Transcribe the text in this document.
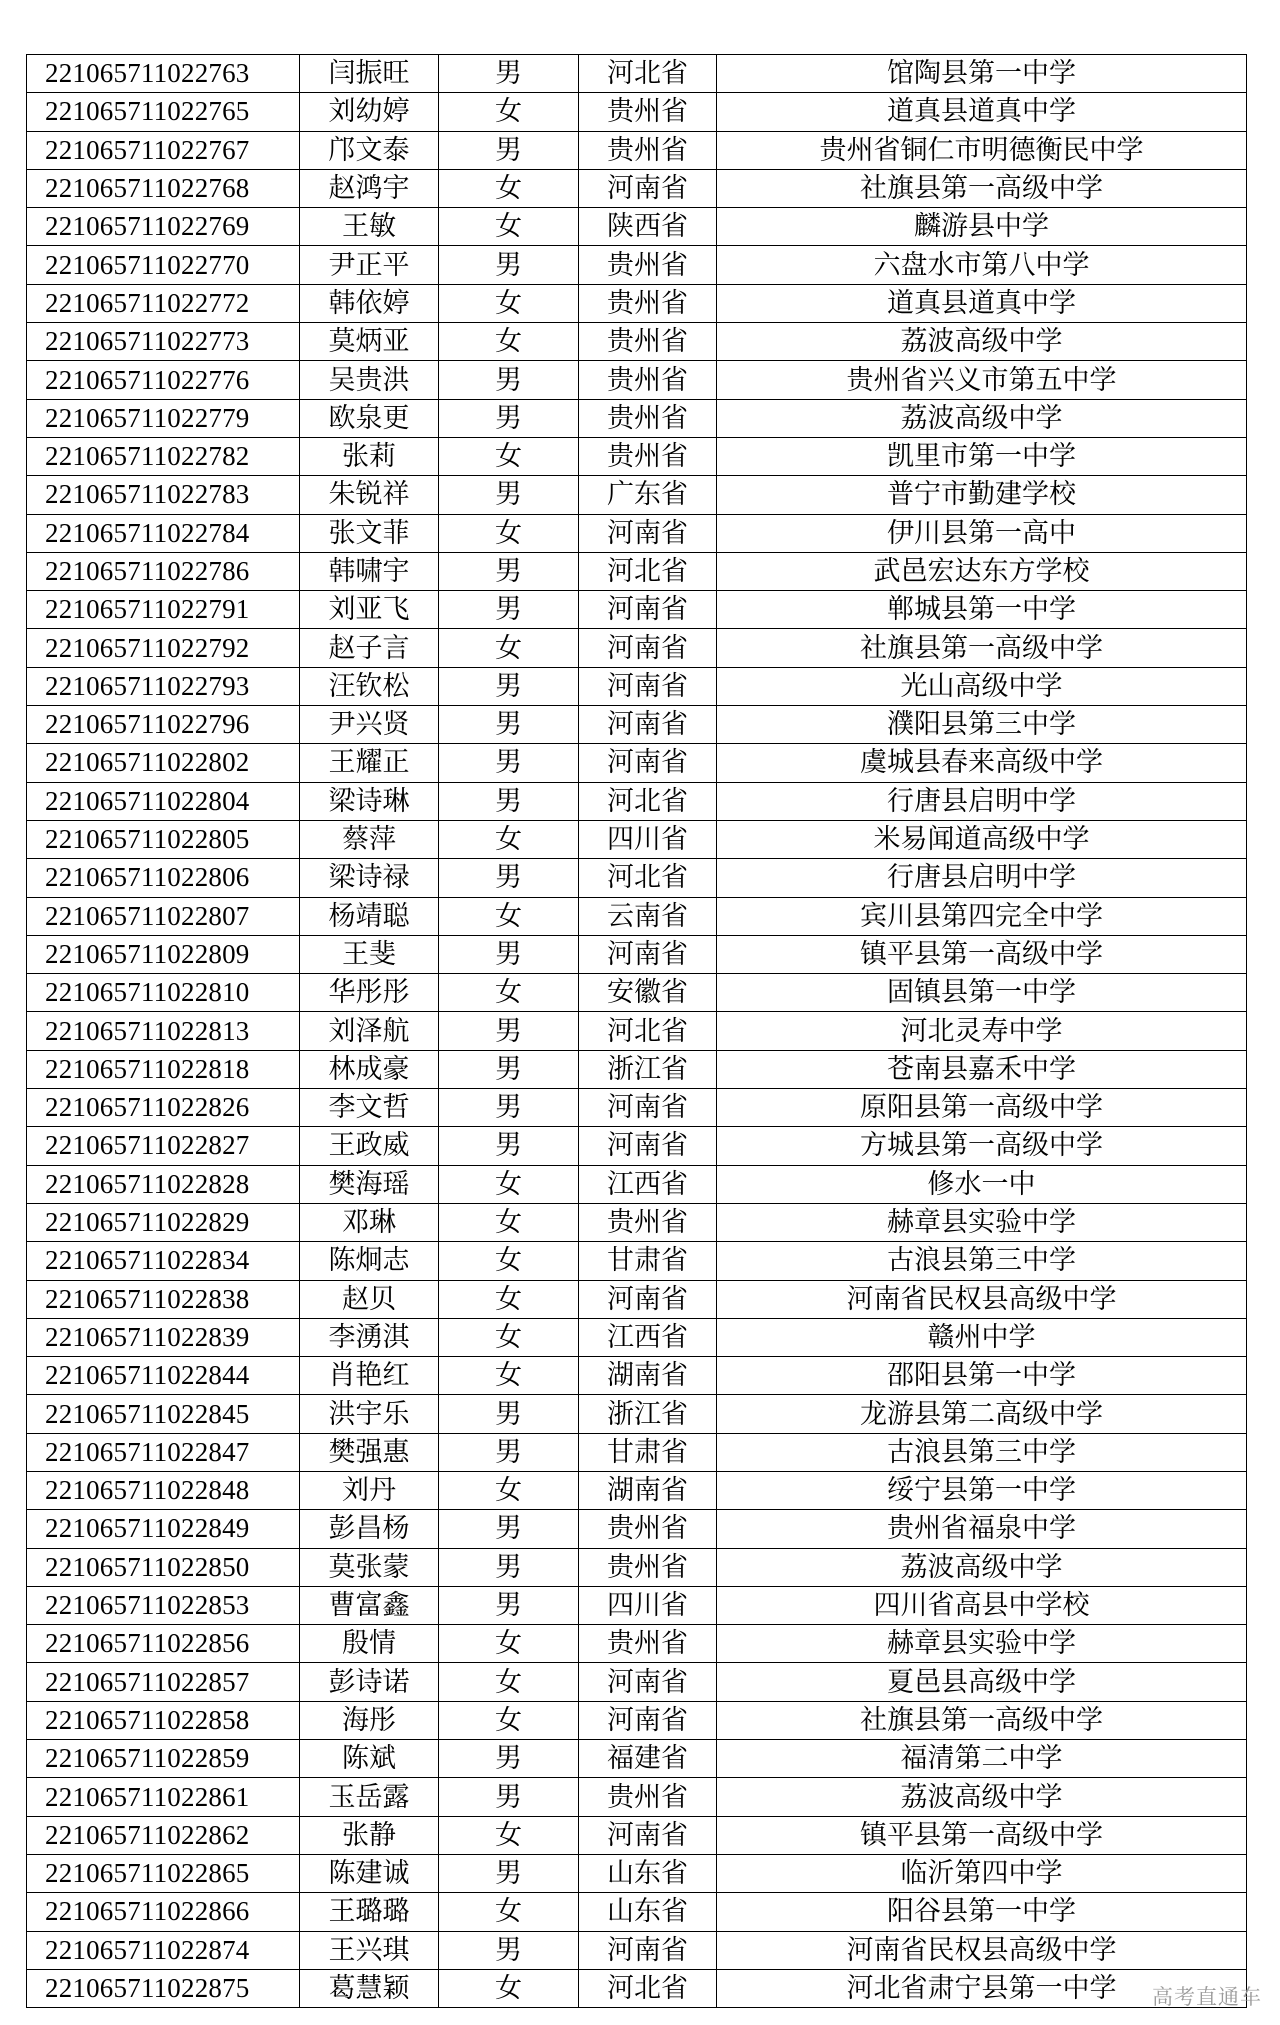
221065711022763	闫振旺	男	河北省	馆陶县第一中学
221065711022765	刘幼婷	女	贵州省	道真县道真中学
221065711022767	邝文泰	男	贵州省	贵州省铜仁市明德衡民中学
221065711022768	赵鸿宇	女	河南省	社旗县第一高级中学
221065711022769	王敏	女	陕西省	麟游县中学
221065711022770	尹正平	男	贵州省	六盘水市第八中学
221065711022772	韩依婷	女	贵州省	道真县道真中学
221065711022773	莫炳亚	女	贵州省	荔波高级中学
221065711022776	吴贵洪	男	贵州省	贵州省兴义市第五中学
221065711022779	欧泉更	男	贵州省	荔波高级中学
221065711022782	张莉	女	贵州省	凯里市第一中学
221065711022783	朱锐祥	男	广东省	普宁市勤建学校
221065711022784	张文菲	女	河南省	伊川县第一高中
221065711022786	韩啸宇	男	河北省	武邑宏达东方学校
221065711022791	刘亚飞	男	河南省	郸城县第一中学
221065711022792	赵子言	女	河南省	社旗县第一高级中学
221065711022793	汪钦松	男	河南省	光山高级中学
221065711022796	尹兴贤	男	河南省	濮阳县第三中学
221065711022802	王耀正	男	河南省	虞城县春来高级中学
221065711022804	梁诗琳	男	河北省	行唐县启明中学
221065711022805	蔡萍	女	四川省	米易闻道高级中学
221065711022806	梁诗禄	男	河北省	行唐县启明中学
221065711022807	杨靖聪	女	云南省	宾川县第四完全中学
221065711022809	王斐	男	河南省	镇平县第一高级中学
221065711022810	华彤彤	女	安徽省	固镇县第一中学
221065711022813	刘泽航	男	河北省	河北灵寿中学
221065711022818	林成豪	男	浙江省	苍南县嘉禾中学
221065711022826	李文哲	男	河南省	原阳县第一高级中学
221065711022827	王政威	男	河南省	方城县第一高级中学
221065711022828	樊海瑶	女	江西省	修水一中
221065711022829	邓琳	女	贵州省	赫章县实验中学
221065711022834	陈炯志	女	甘肃省	古浪县第三中学
221065711022838	赵贝	女	河南省	河南省民权县高级中学
221065711022839	李湧淇	女	江西省	赣州中学
221065711022844	肖艳红	女	湖南省	邵阳县第一中学
221065711022845	洪宇乐	男	浙江省	龙游县第二高级中学
221065711022847	樊强惠	男	甘肃省	古浪县第三中学
221065711022848	刘丹	女	湖南省	绥宁县第一中学
221065711022849	彭昌杨	男	贵州省	贵州省福泉中学
221065711022850	莫张蒙	男	贵州省	荔波高级中学
221065711022853	曹富鑫	男	四川省	四川省高县中学校
221065711022856	殷情	女	贵州省	赫章县实验中学
221065711022857	彭诗诺	女	河南省	夏邑县高级中学
221065711022858	海彤	女	河南省	社旗县第一高级中学
221065711022859	陈斌	男	福建省	福清第二中学
221065711022861	玉岳露	男	贵州省	荔波高级中学
221065711022862	张静	女	河南省	镇平县第一高级中学
221065711022865	陈建诚	男	山东省	临沂第四中学
221065711022866	王璐璐	女	山东省	阳谷县第一中学
221065711022874	王兴琪	男	河南省	河南省民权县高级中学
221065711022875	葛慧颖	女	河北省	河北省肃宁县第一中学 高考直通车
